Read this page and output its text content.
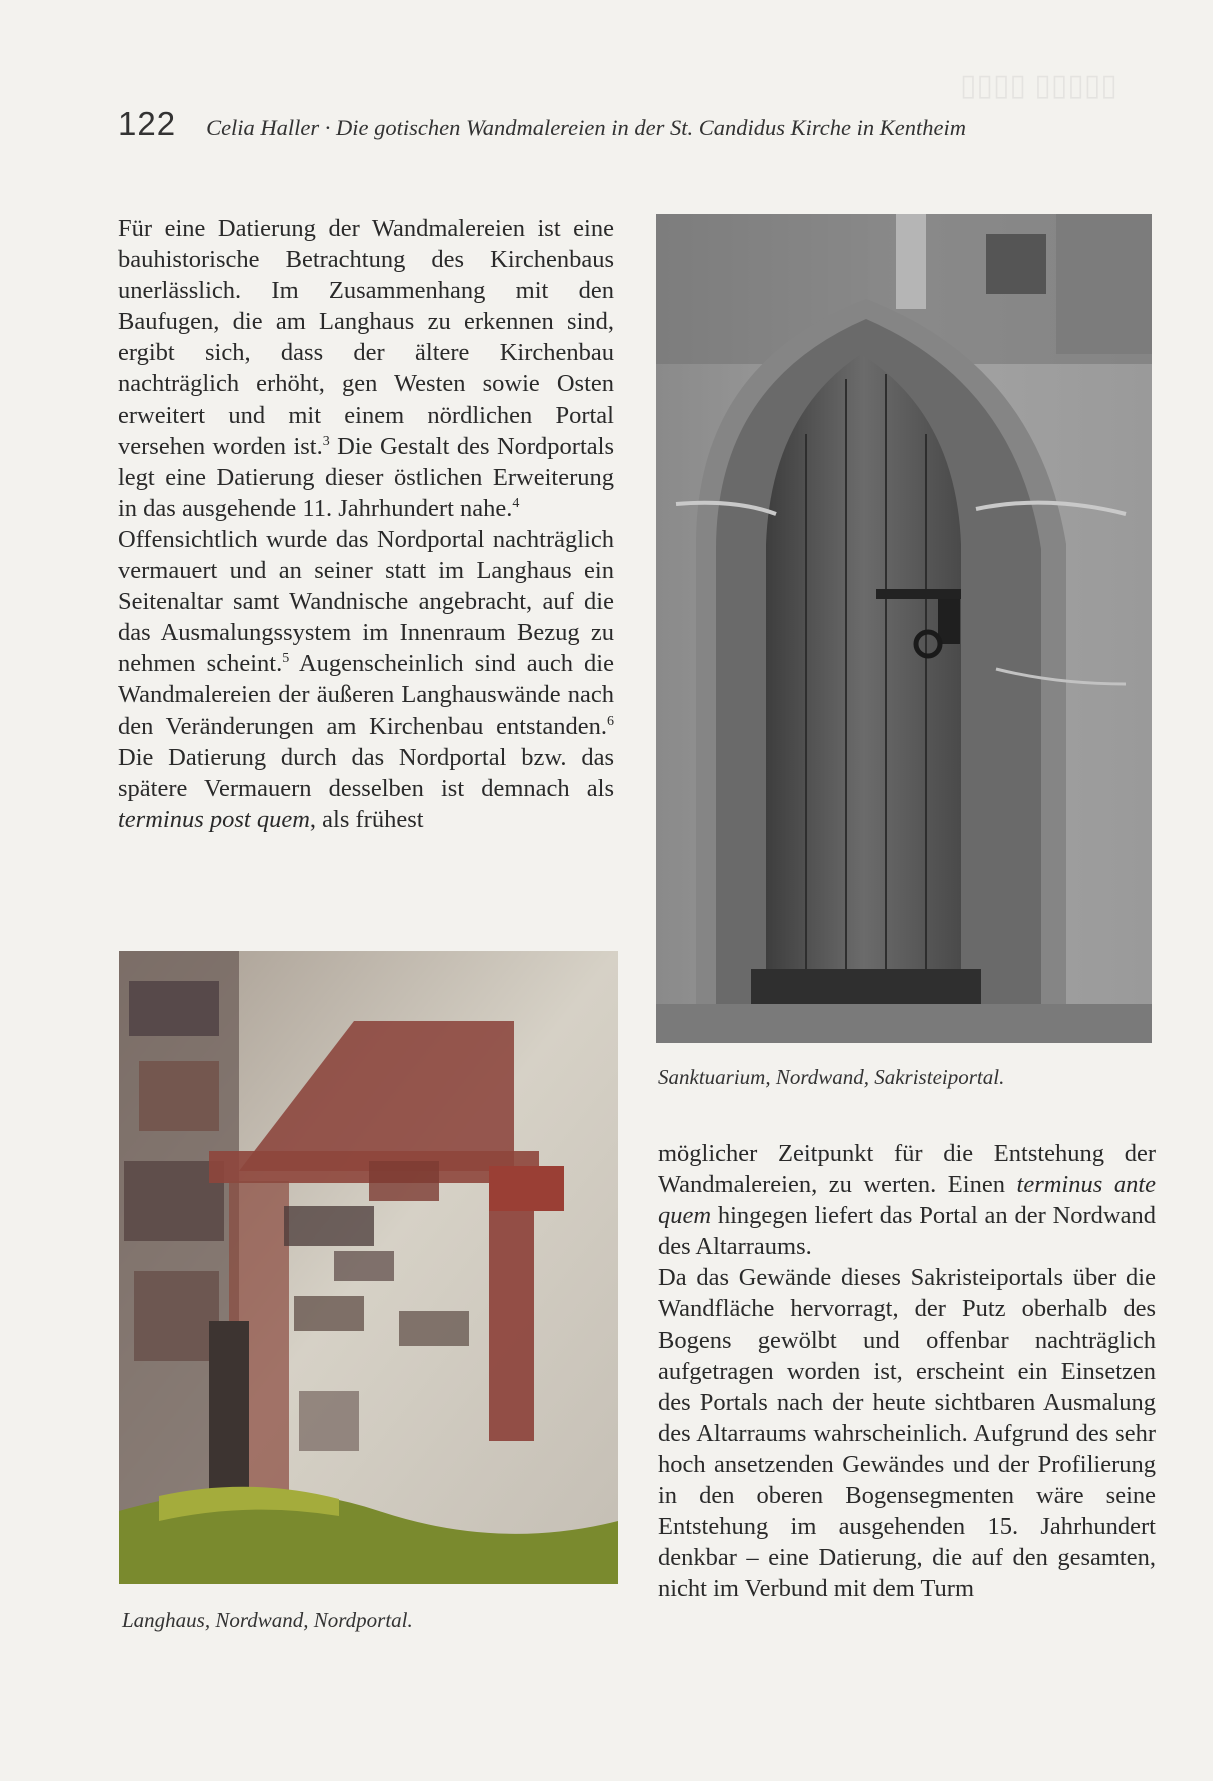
▯▯▯▯ ▯▯▯▯▯
122 Celia Haller · Die gotischen Wandmalereien in der St. Candidus Kirche in Kentheim

Für eine Datierung der Wandmalereien ist eine bauhistorische Betrachtung des Kirchenbaus unerlässlich. Im Zusammenhang mit den Baufugen, die am Langhaus zu erkennen sind, ergibt sich, dass der ältere Kirchenbau nachträglich erhöht, gen Westen sowie Osten erweitert und mit einem nördlichen Portal versehen worden ist.$^3$ Die Gestalt des Nordportals legt eine Datierung dieser östlichen Erweiterung in das ausgehende 11. Jahrhundert nahe.$^4$

Offensichtlich wurde das Nordportal nachträglich vermauert und an seiner statt im Langhaus ein Seitenaltar samt Wandnische angebracht, auf die das Ausmalungssystem im Innenraum Bezug zu nehmen scheint.$^5$ Augenscheinlich sind auch die Wandmalereien der äußeren Langhauswände nach den Veränderungen am Kirchenbau entstanden.$^6$ Die Datierung durch das Nordportal bzw. das spätere Vermauern desselben ist demnach als terminus post quem, als frühest

Sanktuarium, Nordwand, Sakristeiportal.
Langhaus, Nordwand, Nordportal.

möglicher Zeitpunkt für die Entstehung der Wandmalereien, zu werten. Einen terminus ante quem hingegen liefert das Portal an der Nordwand des Altarraums.

Da das Gewände dieses Sakristeiportals über die Wandfläche hervorragt, der Putz oberhalb des Bogens gewölbt und offenbar nachträglich aufgetragen worden ist, erscheint ein Einsetzen des Portals nach der heute sichtbaren Ausmalung des Altarraums wahrscheinlich. Aufgrund des sehr hoch ansetzenden Gewändes und der Profilierung in den oberen Bogensegmenten wäre seine Entstehung im ausgehenden 15. Jahrhundert denkbar – eine Datierung, die auf den gesamten, nicht im Verbund mit dem Turm
